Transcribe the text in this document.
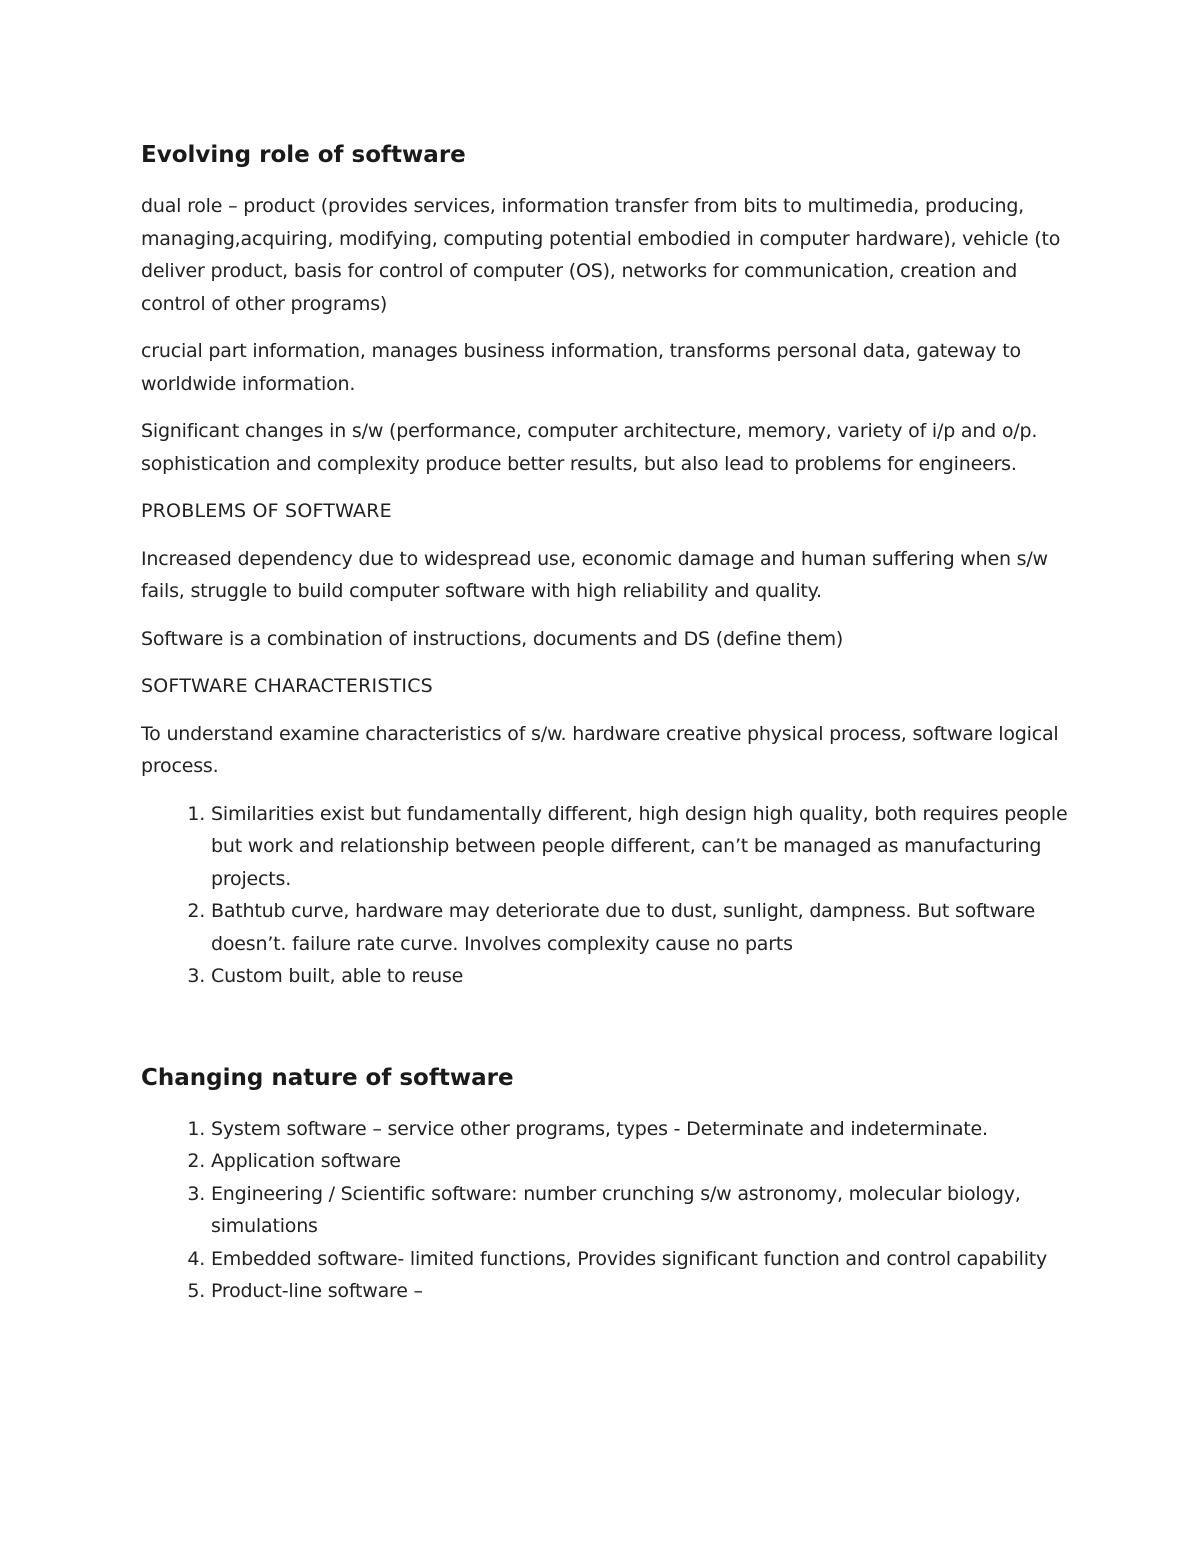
Evolving role of software

dual role – product (provides services, information transfer from bits to multimedia, producing, managing,acquiring, modifying, computing potential embodied in computer hardware), vehicle (to deliver product, basis for control of computer (OS), networks for communication, creation and control of other programs)

crucial part information, manages business information, transforms personal data, gateway to worldwide information.

Significant changes in s/w (performance, computer architecture, memory, variety of i/p and o/p. sophistication and complexity produce better results, but also lead to problems for engineers.

PROBLEMS OF SOFTWARE

Increased dependency due to widespread use, economic damage and human suffering when s/w fails, struggle to build computer software with high reliability and quality.

Software is a combination of instructions, documents and DS (define them)

SOFTWARE CHARACTERISTICS

To understand examine characteristics of s/w. hardware creative physical process, software logical process.

1. Similarities exist but fundamentally different, high design high quality, both requires people but work and relationship between people different, can’t be managed as manufacturing projects.
2. Bathtub curve, hardware may deteriorate due to dust, sunlight, dampness. But software doesn’t. failure rate curve. Involves complexity cause no parts
3. Custom built, able to reuse
Changing nature of software
1. System software – service other programs, types - Determinate and indeterminate.
2. Application software
3. Engineering / Scientific software: number crunching s/w astronomy, molecular biology, simulations
4. Embedded software- limited functions, Provides significant function and control capability
5. Product-line software –
